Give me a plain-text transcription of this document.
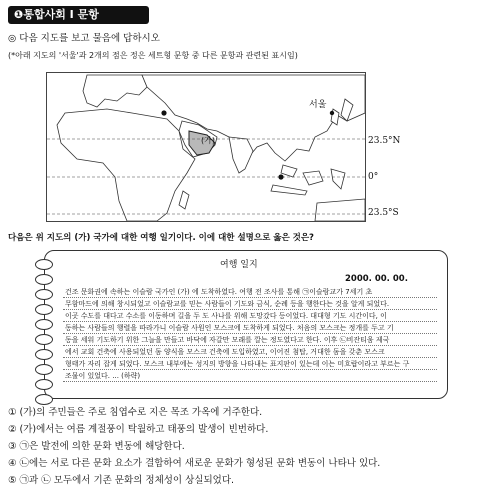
❶통합사회 I 문항
◎ 다음 지도를 보고 물음에 답하시오
(*아래 지도의 '서울'과 2개의 점은 정은 세트형 문항 중 다른 문항과 관련된 표시임)
서울
(가)	23.5°N
0°
23.5°S
다음은 위 지도의 (가) 국가에 대한 여행 일기이다. 이에 대한 설명으로 옳은 것은?
여행 일지
2000. 00. 00.
건조 문화권에 속하는 이슬람 국가인 (가) 에 도착하였다. 여행 전 조사를 통해 ㉠이슬람교가 7세기 초
무함마드에 의해 창시되었고 이슬람교를 믿는 사람들이 기도와 금식, 순례 등을 행한다는 것을 알게 되었다.
이곳 수도를 대다고 수소를 이동하며 길을 두 도 사나를 위해 도망갔다 등이었다. 대대형 기도 시간이다, 이
동하는 사람들의 행렬을 따라가니 이슬람 사원인 모스크에 도착하게 되었다. 처음의 모스크는 정개를 두고 기
동을 세워 기도하기 위한 그늘을 만들고 바닥에 자갈만 모래를 깔는 정도였다고 한다. 이후 ㉡비잔티움 제국
에서 교회 건축에 사용되었던 돔 양식을 모스크 건축에 도입하였고, 이어진 첨탑, 거대한 돔을 갖춘 모스크
형태가 자리 잡게 되었다. 모스크 내부에는 성지의 방향을 나타내는 표지판이 있는데 이는 미흐랍이라고 부르는 구
조물이 있었다. ... (하략)
① (가)의 주민들은 주로 침엽수로 지은 목조 가옥에 거주한다.
② (가)에서는 여름 계절풍이 탁월하고 태풍의 발생이 빈번하다.
③ ㉠은 발전에 의한 문화 변동에 해당한다.
④ ㉡에는 서로 다른 문화 요소가 결합하여 새로운 문화가 형성된 문화 변동이 나타나 있다.
⑤ ㉠과 ㉡ 모두에서 기존 문화의 정체성이 상실되었다.
